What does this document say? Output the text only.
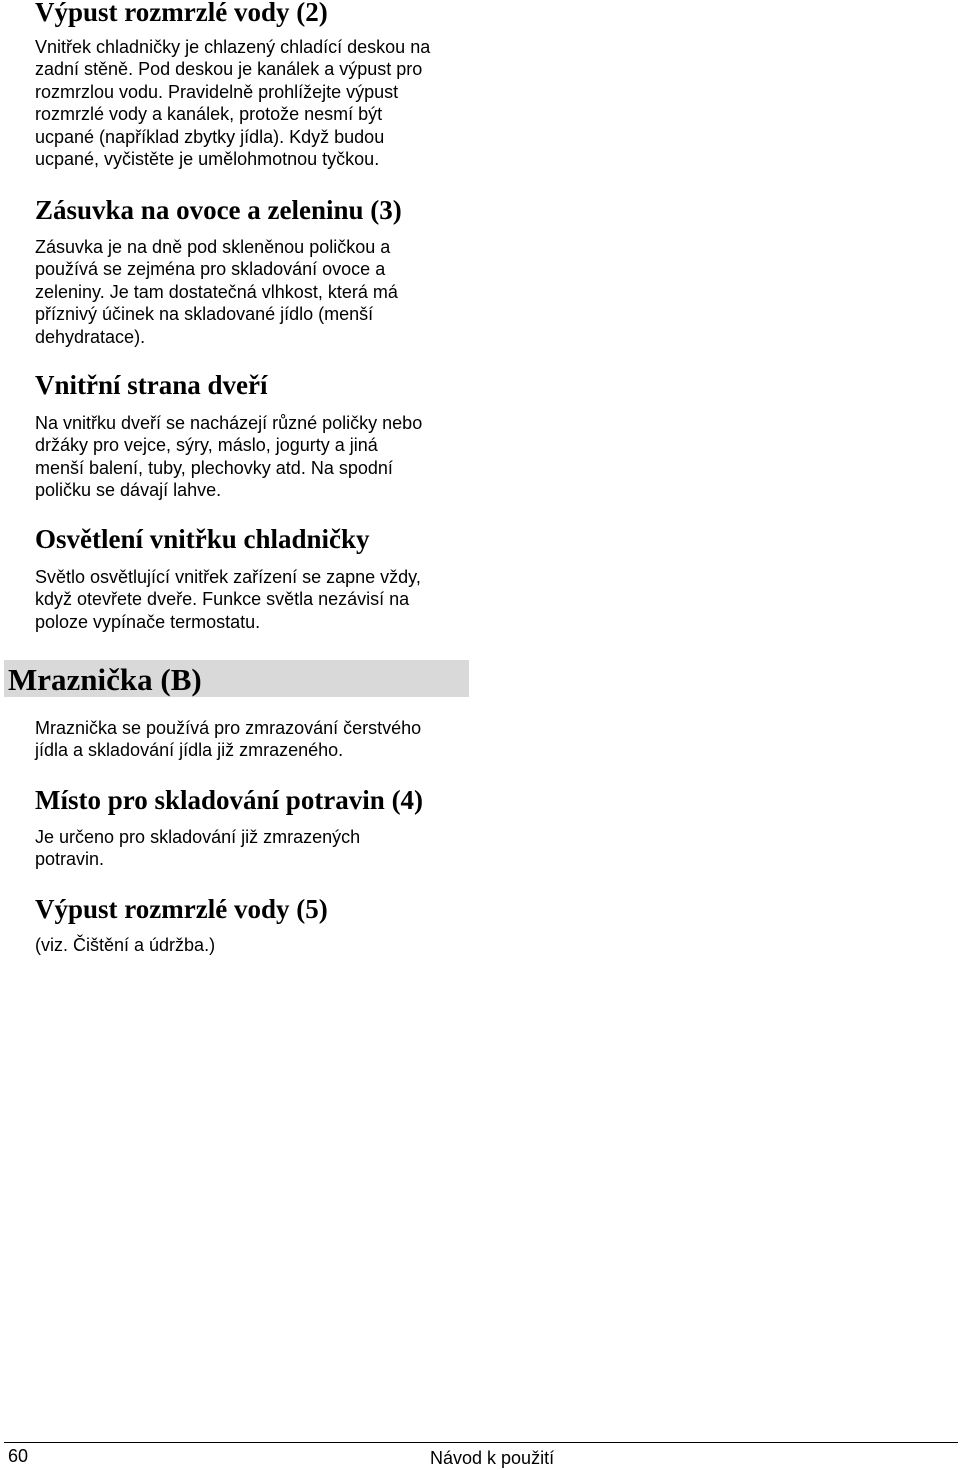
Výpust rozmrzlé vody (2)

Vnitřek chladničky je chlazený chladící deskou na
zadní stěně. Pod deskou je kanálek a výpust pro
rozmrzlou vodu. Pravidelně prohlížejte výpust
rozmrzlé vody a kanálek, protože nesmí být
ucpané (například zbytky jídla). Když budou
ucpané, vyčistěte je umělohmotnou tyčkou.

Zásuvka na ovoce a zeleninu (3)

Zásuvka je na dně pod skleněnou poličkou a
používá se zejména pro skladování ovoce a
zeleniny. Je tam dostatečná vlhkost, která má
příznivý účinek na skladované jídlo (menší
dehydratace).

Vnitřní strana dveří

Na vnitřku dveří se nacházejí různé poličky nebo
držáky pro vejce, sýry, máslo, jogurty a jiná
menší balení, tuby, plechovky atd. Na spodní
poličku se dávají lahve.

Osvětlení vnitřku chladničky

Světlo osvětlující vnitřek zařízení se zapne vždy,
když otevřete dveře. Funkce světla nezávisí na
poloze vypínače termostatu.

Mraznička (B)

Mraznička se používá pro zmrazování čerstvého
jídla a skladování jídla již zmrazeného.

Místo pro skladování potravin (4)

Je určeno pro skladování již zmrazených
potravin.

Výpust rozmrzlé vody (5)

(viz. Čištění a údržba.)

60	Návod k použití
